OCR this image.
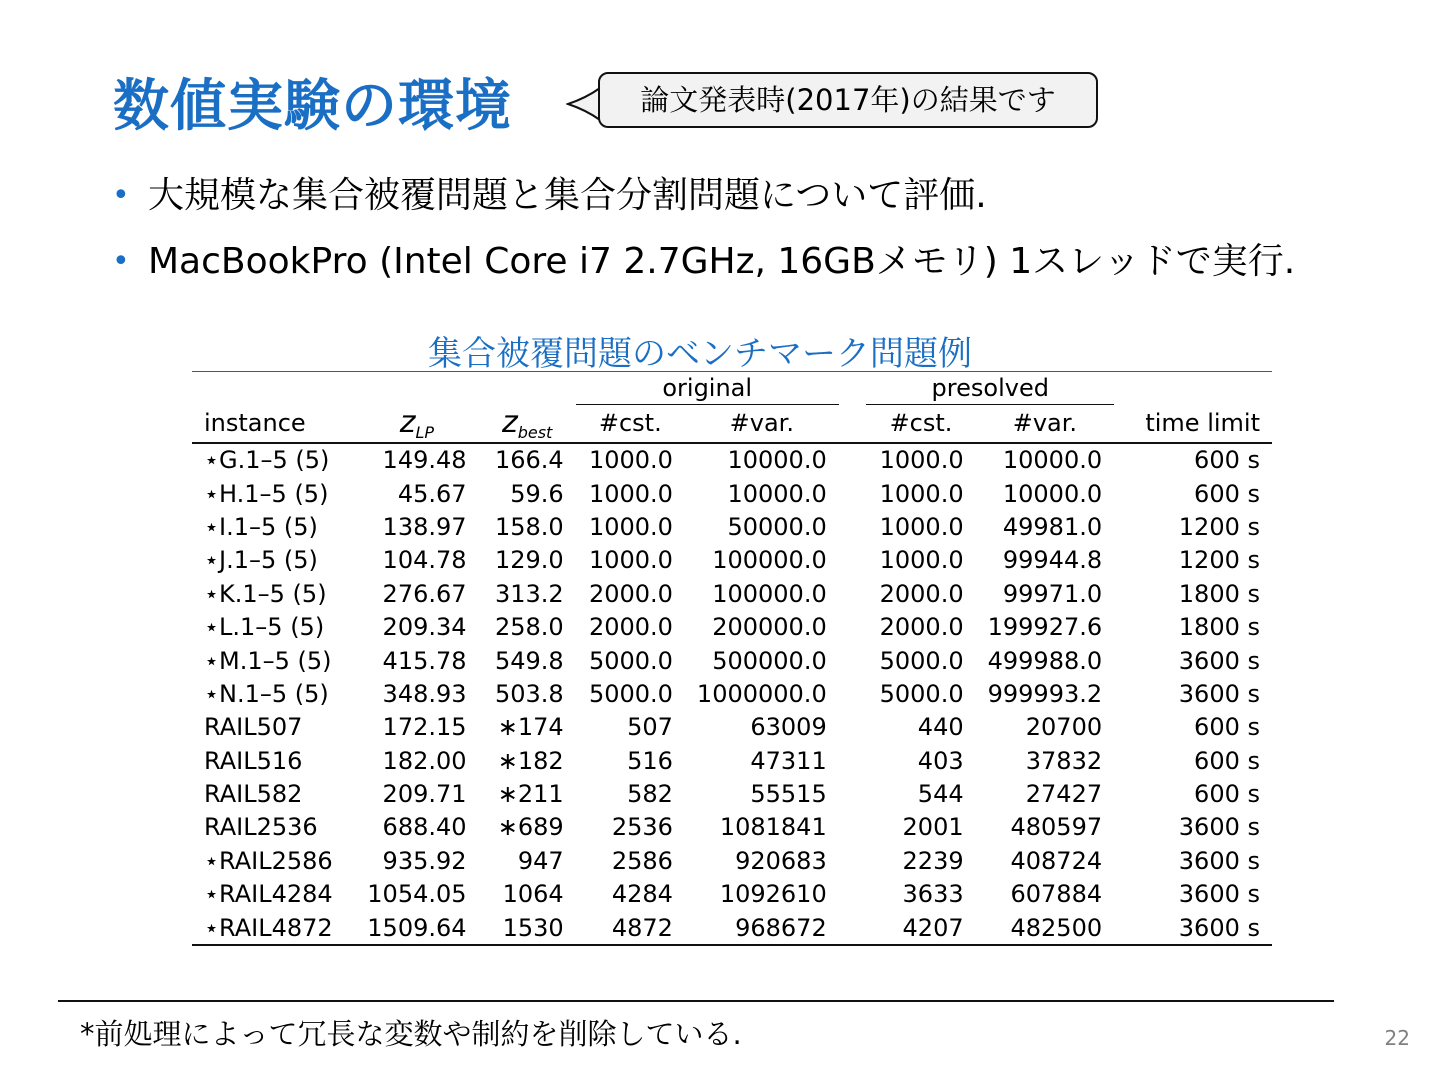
数値実験の環境	論文発表時(2017年)の結果です
• 大規模な集合被覆問題と集合分割問題について評価.
• MacBookPro (Intel Core i7 2.7GHz, 16GBメモリ) 1スレッドで実行.
集合被覆問題のベンチマーク問題例
			original			presolved		
instance	$z_{LP}$	$z_{best}$	#cst.	#var.		#cst.	#var.	time limit
⋆G.1–5 (5)	149.48	166.4	1000.0	10000.0		1000.0	10000.0	600 s
⋆H.1–5 (5)	45.67	59.6	1000.0	10000.0		1000.0	10000.0	600 s
⋆I.1–5 (5)	138.97	158.0	1000.0	50000.0		1000.0	49981.0	1200 s
⋆J.1–5 (5)	104.78	129.0	1000.0	100000.0		1000.0	99944.8	1200 s
⋆K.1–5 (5)	276.67	313.2	2000.0	100000.0		2000.0	99971.0	1800 s
⋆L.1–5 (5)	209.34	258.0	2000.0	200000.0		2000.0	199927.6	1800 s
⋆M.1–5 (5)	415.78	549.8	5000.0	500000.0		5000.0	499988.0	3600 s
⋆N.1–5 (5)	348.93	503.8	5000.0	1000000.0		5000.0	999993.2	3600 s
RAIL507	172.15	∗174	507	63009		440	20700	600 s
RAIL516	182.00	∗182	516	47311		403	37832	600 s
RAIL582	209.71	∗211	582	55515		544	27427	600 s
RAIL2536	688.40	∗689	2536	1081841		2001	480597	3600 s
⋆RAIL2586	935.92	947	2586	920683		2239	408724	3600 s
⋆RAIL4284	1054.05	1064	4284	1092610		3633	607884	3600 s
⋆RAIL4872	1509.64	1530	4872	968672		4207	482500	3600 s
*前処理によって冗長な変数や制約を削除している.	22
